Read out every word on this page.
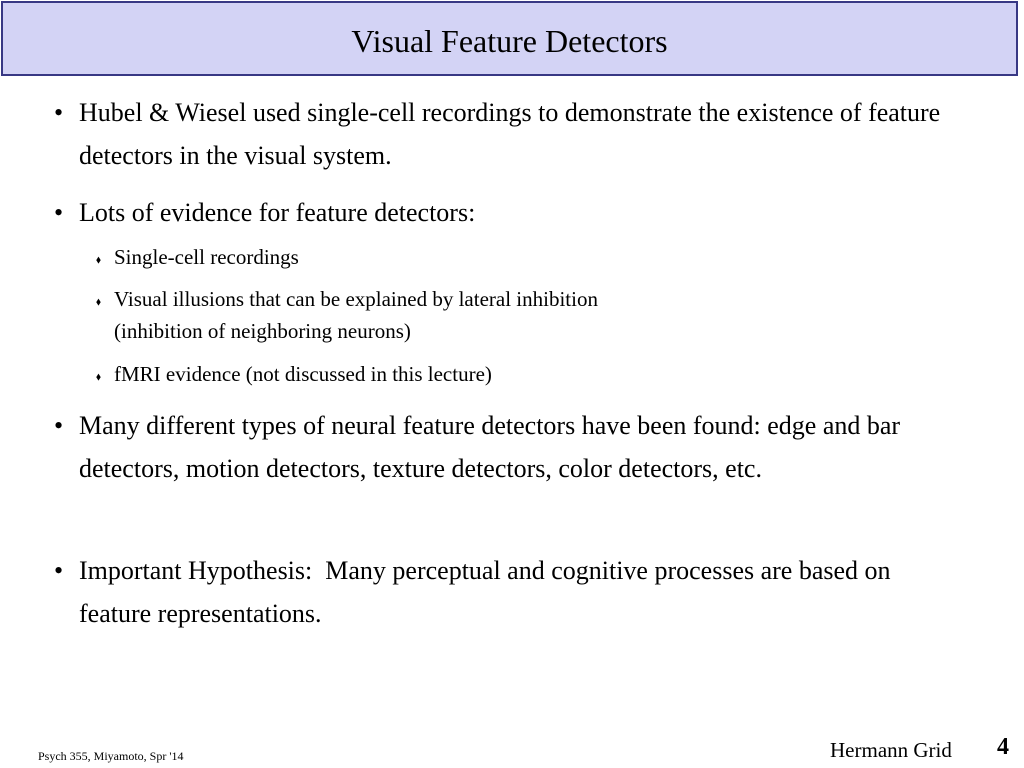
Visual Feature Detectors
• Hubel & Wiesel used single-cell recordings to demonstrate the existence of feature detectors in the visual system.
• Lots of evidence for feature detectors:
⬧ Single-cell recordings
⬧ Visual illusions that can be explained by lateral inhibition
(inhibition of neighboring neurons)
⬧ fMRI evidence (not discussed in this lecture)
• Many different types of neural feature detectors have been found: edge and bar detectors, motion detectors, texture detectors, color detectors, etc.
• Important Hypothesis:  Many perceptual and cognitive processes are based on feature representations.
Psych 355, Miyamoto, Spr '14	Hermann Grid 4
